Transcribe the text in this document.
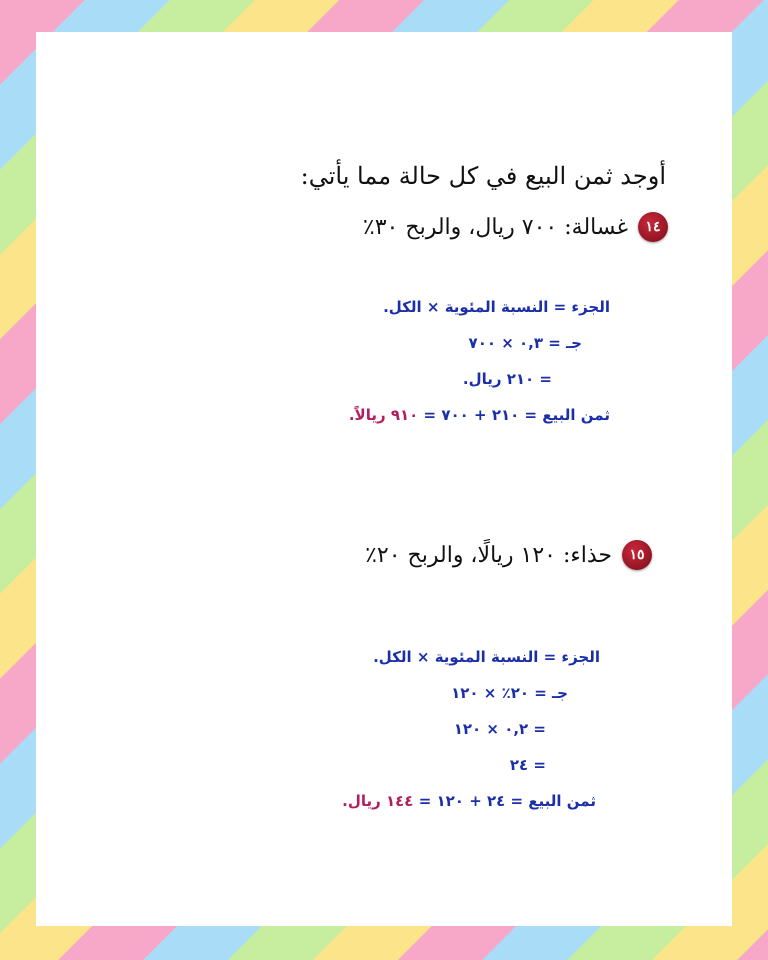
أوجد ثمن البيع في كل حالة مما يأتي:
١٤
غسالة: ٧٠٠ ريال، والربح ٣٠٪
الجزء = النسبة المئوية × الكل.
جـ = ٠,٣ × ٧٠٠
= ٢١٠ ريال.
ثمن البيع = ٢١٠ + ٧٠٠ = ٩١٠ ريالاً.
١٥
حذاء: ١٢٠ ريالًا، والربح ٢٠٪
الجزء = النسبة المئوية × الكل.
جـ = ٢٠٪ × ١٢٠
= ٠,٢ × ١٢٠
= ٢٤
ثمن البيع = ٢٤ + ١٢٠ = ١٤٤ ريال.
